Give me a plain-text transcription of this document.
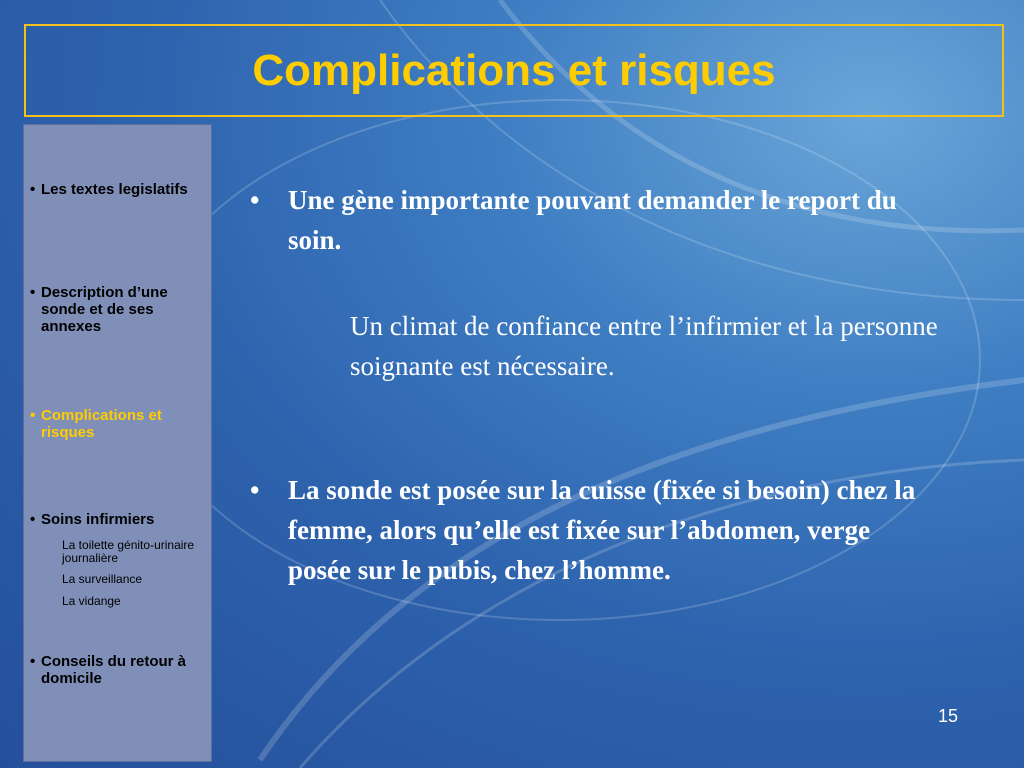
Complications et risques
• Les textes legislatifs
• Description d’une sonde et de ses annexes
• Complications et risques
• Soins infirmiers
La toilette génito-urinaire journalière
La surveillance
La vidange
• Conseils du retour à domicile
•	Une gène importante pouvant demander le report du soin.
Un climat de confiance entre l’infirmier et la personne soignante est nécessaire.
•	La sonde est posée sur la cuisse (fixée si besoin) chez la femme, alors qu’elle est fixée sur l’abdomen, verge posée sur le pubis, chez l’homme.
15
